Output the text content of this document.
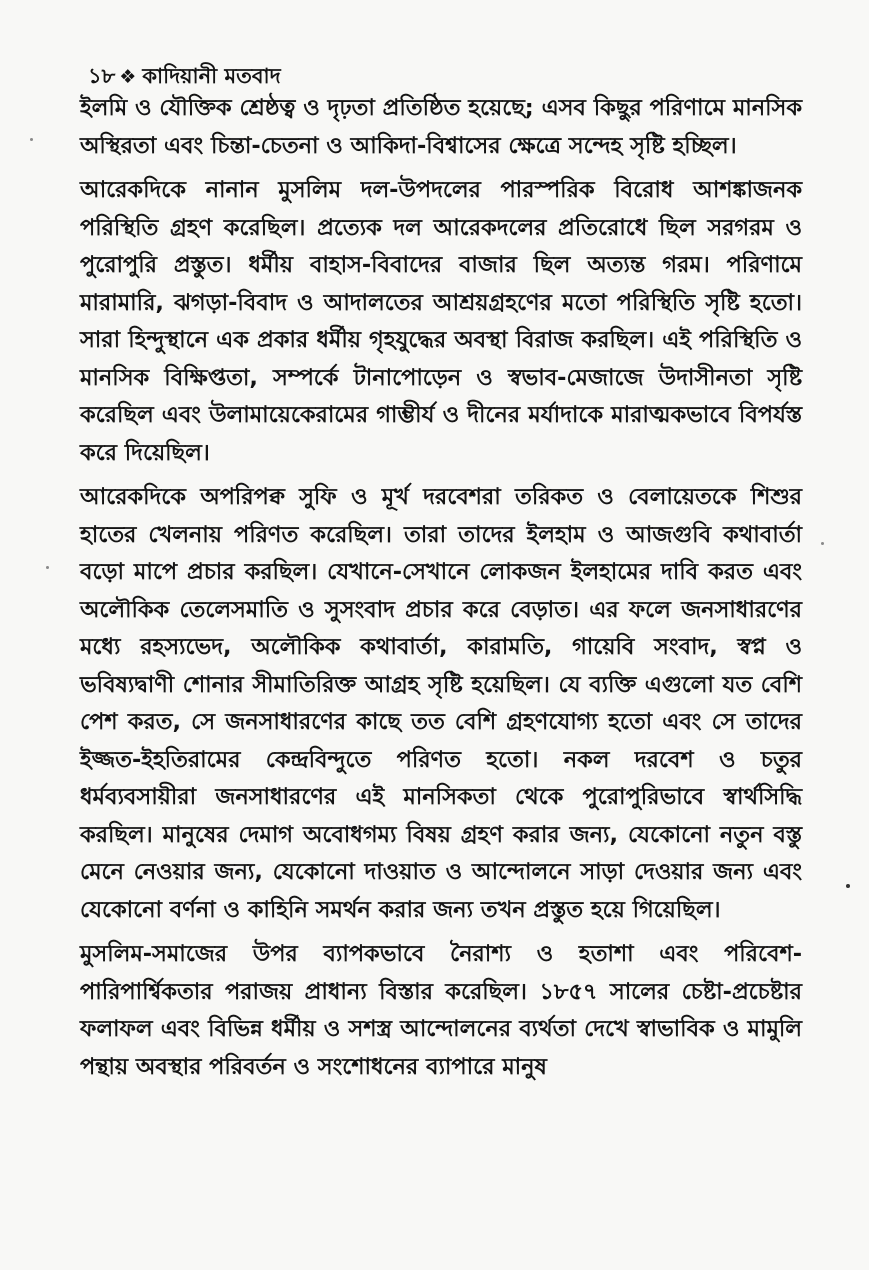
১৮ ❖ কাদিয়ানী মতবাদ

ইলমি ও যৌক্তিক শ্রেষ্ঠত্ব ও দৃঢ়তা প্রতিষ্ঠিত হয়েছে; এসব কিছুর পরিণামে মানসিক অস্থিরতা এবং চিন্তা-চেতনা ও আকিদা-বিশ্বাসের ক্ষেত্রে সন্দেহ সৃষ্টি হচ্ছিল।

আরেকদিকে নানান মুসলিম দল-উপদলের পারস্পরিক বিরোধ আশঙ্কাজনক পরিস্থিতি গ্রহণ করেছিল। প্রত্যেক দল আরেকদলের প্রতিরোধে ছিল সরগরম ও পুরোপুরি প্রস্তুত। ধর্মীয় বাহাস-বিবাদের বাজার ছিল অত্যন্ত গরম। পরিণামে মারামারি, ঝগড়া-বিবাদ ও আদালতের আশ্রয়গ্রহণের মতো পরিস্থিতি সৃষ্টি হতো। সারা হিন্দুস্থানে এক প্রকার ধর্মীয় গৃহযুদ্ধের অবস্থা বিরাজ করছিল। এই পরিস্থিতি ও মানসিক বিক্ষিপ্ততা, সম্পর্কে টানাপোড়েন ও স্বভাব-মেজাজে উদাসীনতা সৃষ্টি করেছিল এবং উলামায়েকেরামের গাম্ভীর্য ও দীনের মর্যাদাকে মারাত্মকভাবে বিপর্যস্ত করে দিয়েছিল।

আরেকদিকে অপরিপক্ব সুফি ও মূর্খ দরবেশরা তরিকত ও বেলায়েতকে শিশুর হাতের খেলনায় পরিণত করেছিল। তারা তাদের ইলহাম ও আজগুবি কথাবার্তা বড়ো মাপে প্রচার করছিল। যেখানে-সেখানে লোকজন ইলহামের দাবি করত এবং অলৌকিক তেলেসমাতি ও সুসংবাদ প্রচার করে বেড়াত। এর ফলে জনসাধারণের মধ্যে রহস্যভেদ, অলৌকিক কথাবার্তা, কারামতি, গায়েবি সংবাদ, স্বপ্ন ও ভবিষ্যদ্বাণী শোনার সীমাতিরিক্ত আগ্রহ সৃষ্টি হয়েছিল। যে ব্যক্তি এগুলো যত বেশি পেশ করত, সে জনসাধারণের কাছে তত বেশি গ্রহণযোগ্য হতো এবং সে তাদের ইজ্জত-ইহতিরামের কেন্দ্রবিন্দুতে পরিণত হতো। নকল দরবেশ ও চতুর ধর্মব্যবসায়ীরা জনসাধারণের এই মানসিকতা থেকে পুরোপুরিভাবে স্বার্থসিদ্ধি করছিল। মানুষের দেমাগ অবোধগম্য বিষয় গ্রহণ করার জন্য, যেকোনো নতুন বস্তু মেনে নেওয়ার জন্য, যেকোনো দাওয়াত ও আন্দোলনে সাড়া দেওয়ার জন্য এবং যেকোনো বর্ণনা ও কাহিনি সমর্থন করার জন্য তখন প্রস্তুত হয়ে গিয়েছিল।

মুসলিম-সমাজের উপর ব্যাপকভাবে নৈরাশ্য ও হতাশা এবং পরিবেশ-পারিপার্শ্বিকতার পরাজয় প্রাধান্য বিস্তার করেছিল। ১৮৫৭ সালের চেষ্টা-প্রচেষ্টার ফলাফল এবং বিভিন্ন ধর্মীয় ও সশস্ত্র আন্দোলনের ব্যর্থতা দেখে স্বাভাবিক ও মামুলি পন্থায় অবস্থার পরিবর্তন ও সংশোধনের ব্যাপারে মানুষ
